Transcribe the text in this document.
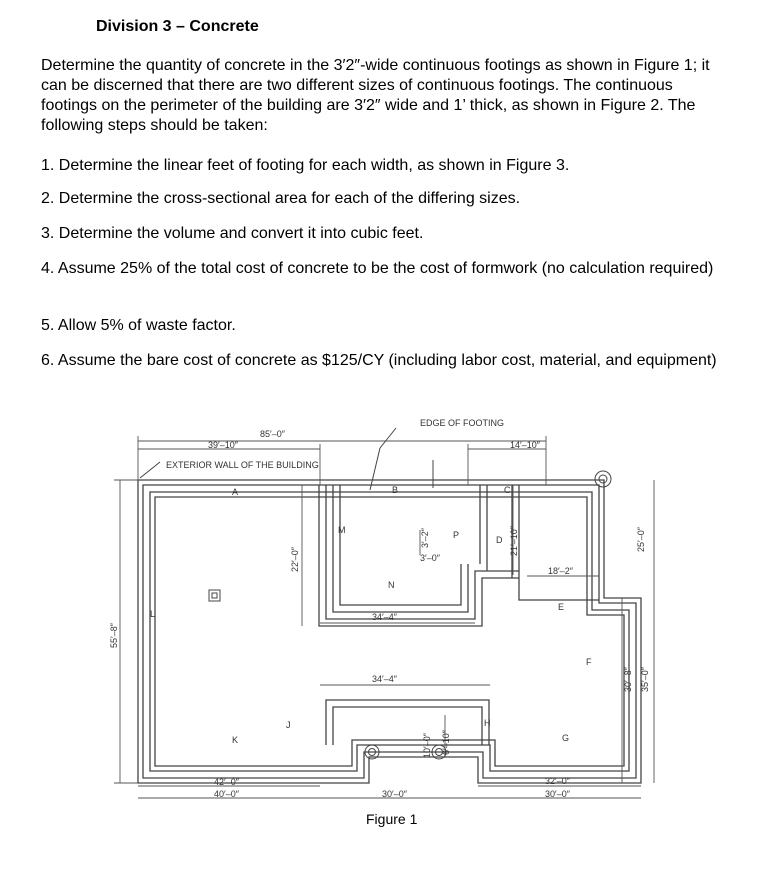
Division 3 – Concrete
Determine the quantity of concrete in the 3′2″-wide continuous footings as shown in Figure 1; it can be discerned that there are two different sizes of continuous footings. The continuous footings on the perimeter of the building are 3′2″ wide and 1’ thick, as shown in Figure 2. The following steps should be taken:
1. Determine the linear feet of footing for each width, as shown in Figure 3.
2. Determine the cross-sectional area for each of the differing sizes.
3. Determine the volume and convert it into cubic feet.
4. Assume 25% of the total cost of concrete to be the cost of formwork (no calculation required)
5. Allow 5% of waste factor.
6. Assume the bare cost of concrete as $125/CY (including labor cost, material, and equipment)
EDGE OF FOOTING
85′–0″
39′–10″	14′–10″
EXTERIOR WALL OF THE BUILDING
A	B	C
M	P	D
3′–0″
N
18′–2″
E
L	34′–4″
F
34′–4″
J	H
K	G
42′–0″
40′–0″	30′–0″
32′–0″
30′–0″
22′–0″
3′–2″	21′–10″
55′–8″
25′–0″
30′–8″ 35′–0″
10′–0″ 6′–10″
Figure 1
